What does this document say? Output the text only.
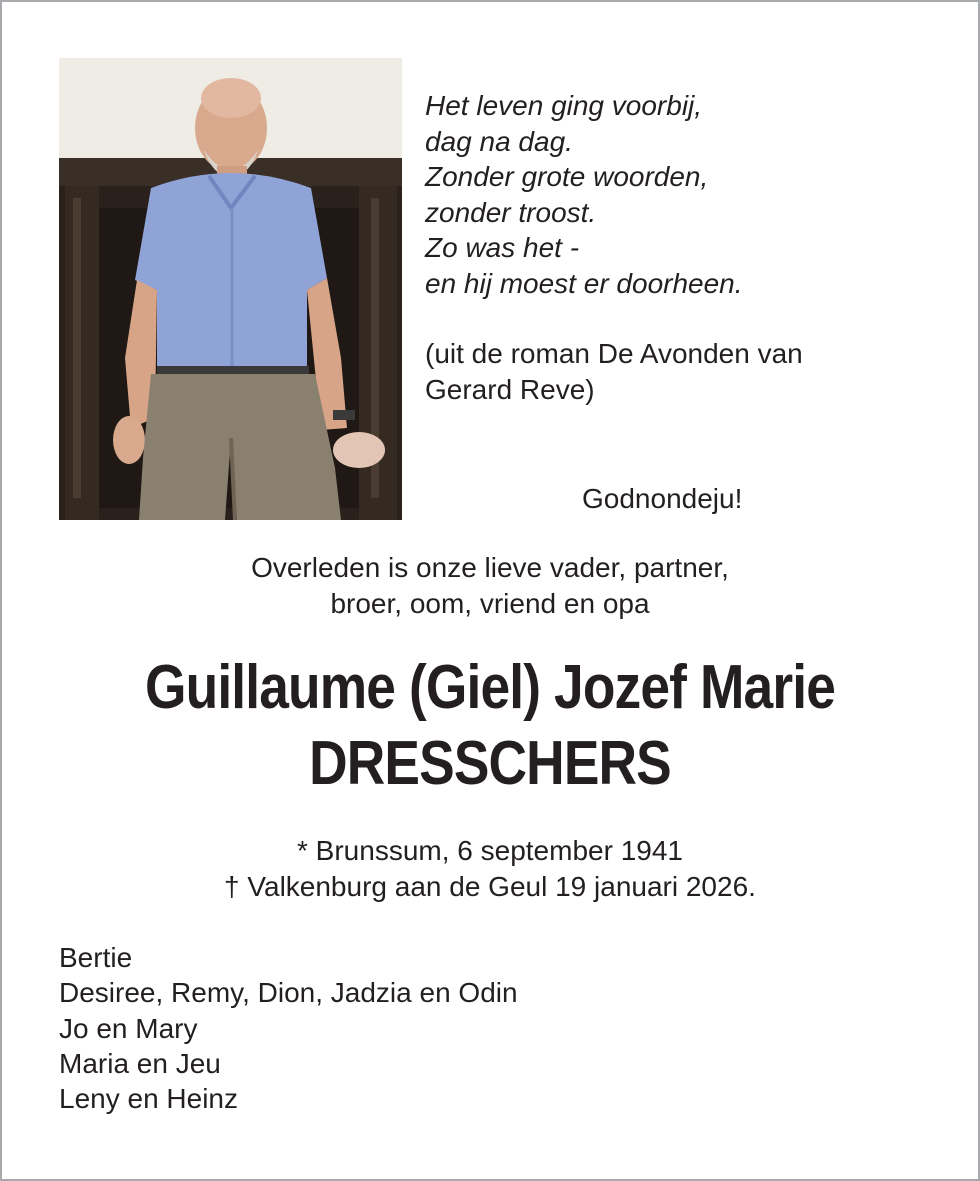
Het leven ging voorbij,
dag na dag.
Zonder grote woorden,
zonder troost.
Zo was het -
en hij moest er doorheen.
(uit de roman De Avonden van
Gerard Reve)
Godnondeju!
Overleden is onze lieve vader, partner,
broer, oom, vriend en opa
Guillaume (Giel) Jozef Marie
DRESSCHERS
* Brunssum, 6 september 1941
† Valkenburg aan de Geul 19 januari 2026.
Bertie
Desiree, Remy, Dion, Jadzia en Odin
Jo en Mary
Maria en Jeu
Leny en Heinz
